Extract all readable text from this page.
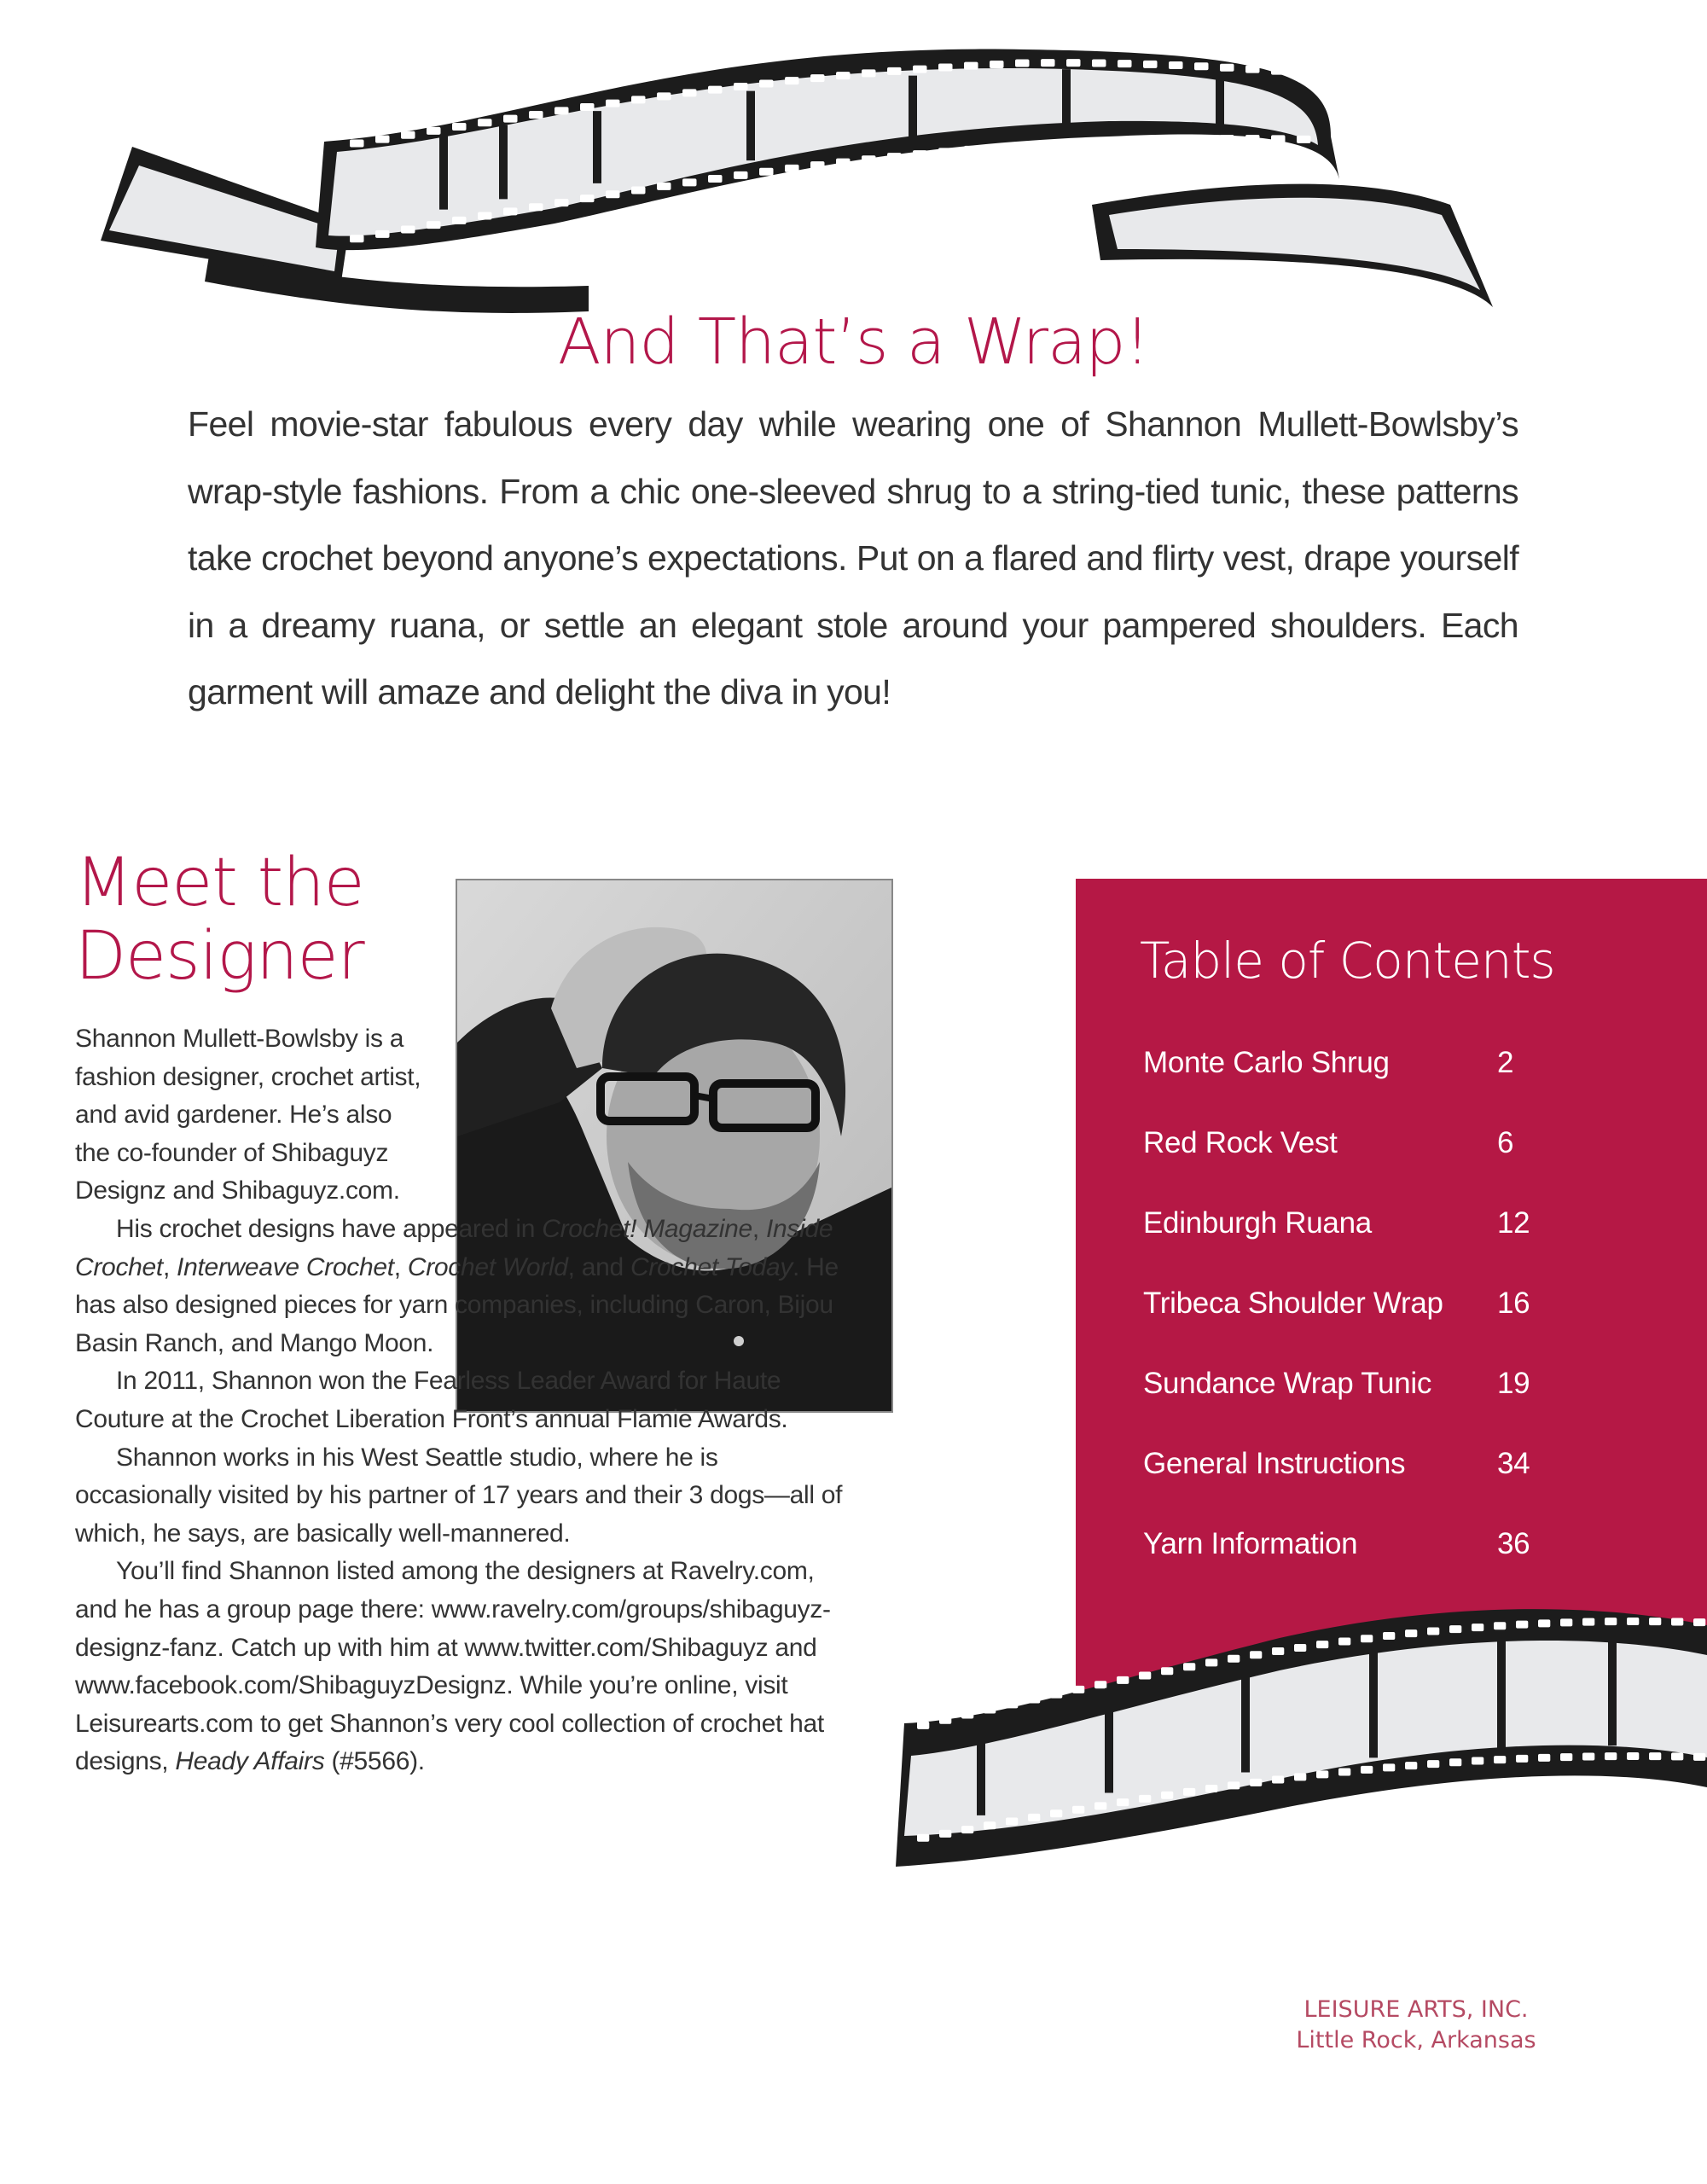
And That’s a Wrap!
Feel movie-star fabulous every day while wearing one of Shannon Mullett-Bowlsby’s wrap-style fashions. From a chic one-sleeved shrug to a string-tied tunic, these patterns take crochet beyond anyone’s expectations. Put on a flared and flirty vest, drape yourself in a dreamy ruana, or settle an elegant stole around your pampered shoulders. Each garment will amaze and delight the diva in you!
Meet the
Designer

Shannon Mullett-Bowlsby is a fashion designer, crochet artist, and avid gardener. He’s also the co-founder of Shibaguyz Designz and Shibaguyz.com.

His crochet designs have appeared in Crochet! Magazine, Inside Crochet, Interweave Crochet, Crochet World, and Crochet Today. He has also designed pieces for yarn companies, including Caron, Bijou Basin Ranch, and Mango Moon.

In 2011, Shannon won the Fearless Leader Award for Haute Couture at the Crochet Liberation Front’s annual Flamie Awards.

Shannon works in his West Seattle studio, where he is occasionally visited by his partner of 17 years and their 3 dogs—all of which, he says, are basically well-mannered.

You’ll find Shannon listed among the designers at Ravelry.com, and he has a group page there: www.ravelry.com/groups/shibaguyz-designz-fanz. Catch up with him at www.twitter.com/Shibaguyz and www.facebook.com/ShibaguyzDesignz. While you’re online, visit Leisurearts.com to get Shannon’s very cool collection of crochet hat designs, Heady Affairs (#5566).

Table of Contents
Monte Carlo Shrug	2
Red Rock Vest	6
Edinburgh Ruana	12
Tribeca Shoulder Wrap 16
Sundance Wrap Tunic 19
General Instructions	34
Yarn Information	36
LEISURE ARTS, INC.
Little Rock, Arkansas
